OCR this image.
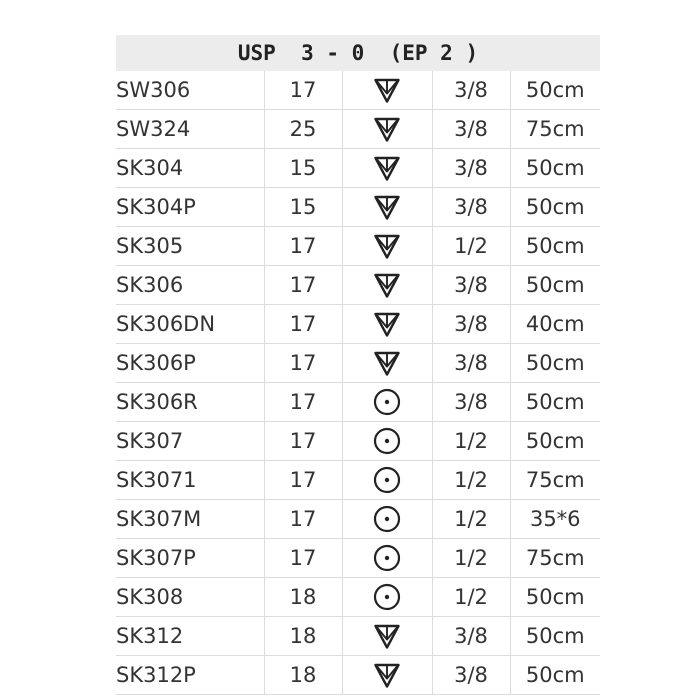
USP  3 - 0  (EP 2 )
SW306	17		3/8	50cm
SW324	25		3/8	75cm
SK304	15		3/8	50cm
SK304P	15		3/8	50cm
SK305	17		1/2	50cm
SK306	17		3/8	50cm
SK306DN	17		3/8	40cm
SK306P	17		3/8	50cm
SK306R	17		3/8	50cm
SK307	17		1/2	50cm
SK3071	17		1/2	75cm
SK307M	17		1/2	35*6
SK307P	17		1/2	75cm
SK308	18		1/2	50cm
SK312	18		3/8	50cm
SK312P	18		3/8	50cm
